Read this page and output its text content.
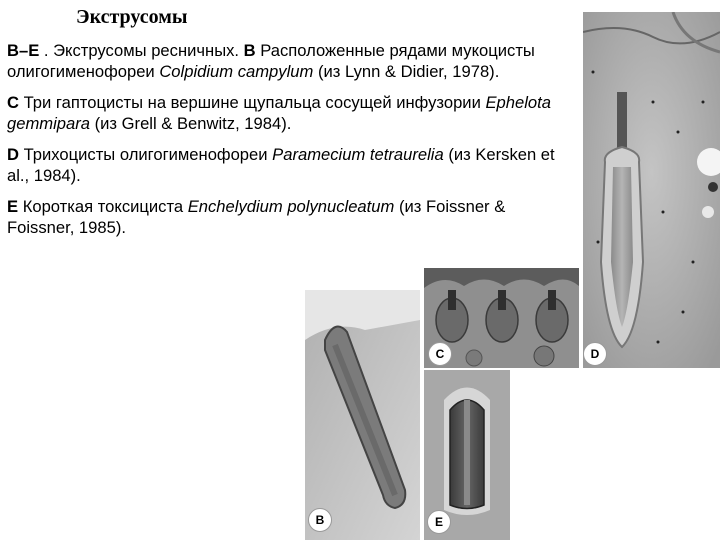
Экструсомы

B–E . Экструсомы ресничных. B Расположенные рядами мукоцисты олигогименофореи Colpidium campylum (из Lynn & Didier, 1978).

C Три гаптоцисты на вершине щупальца сосущей инфузории Ephelota gemmipara (из Grell & Benwitz, 1984).

D Трихоцисты олигогименофореи Paramecium tetraurelia (из Kersken et al., 1984).

E Короткая токсициста Enchelydium polynucleatum (из Foissner & Foissner, 1985).

D
C
B	E
